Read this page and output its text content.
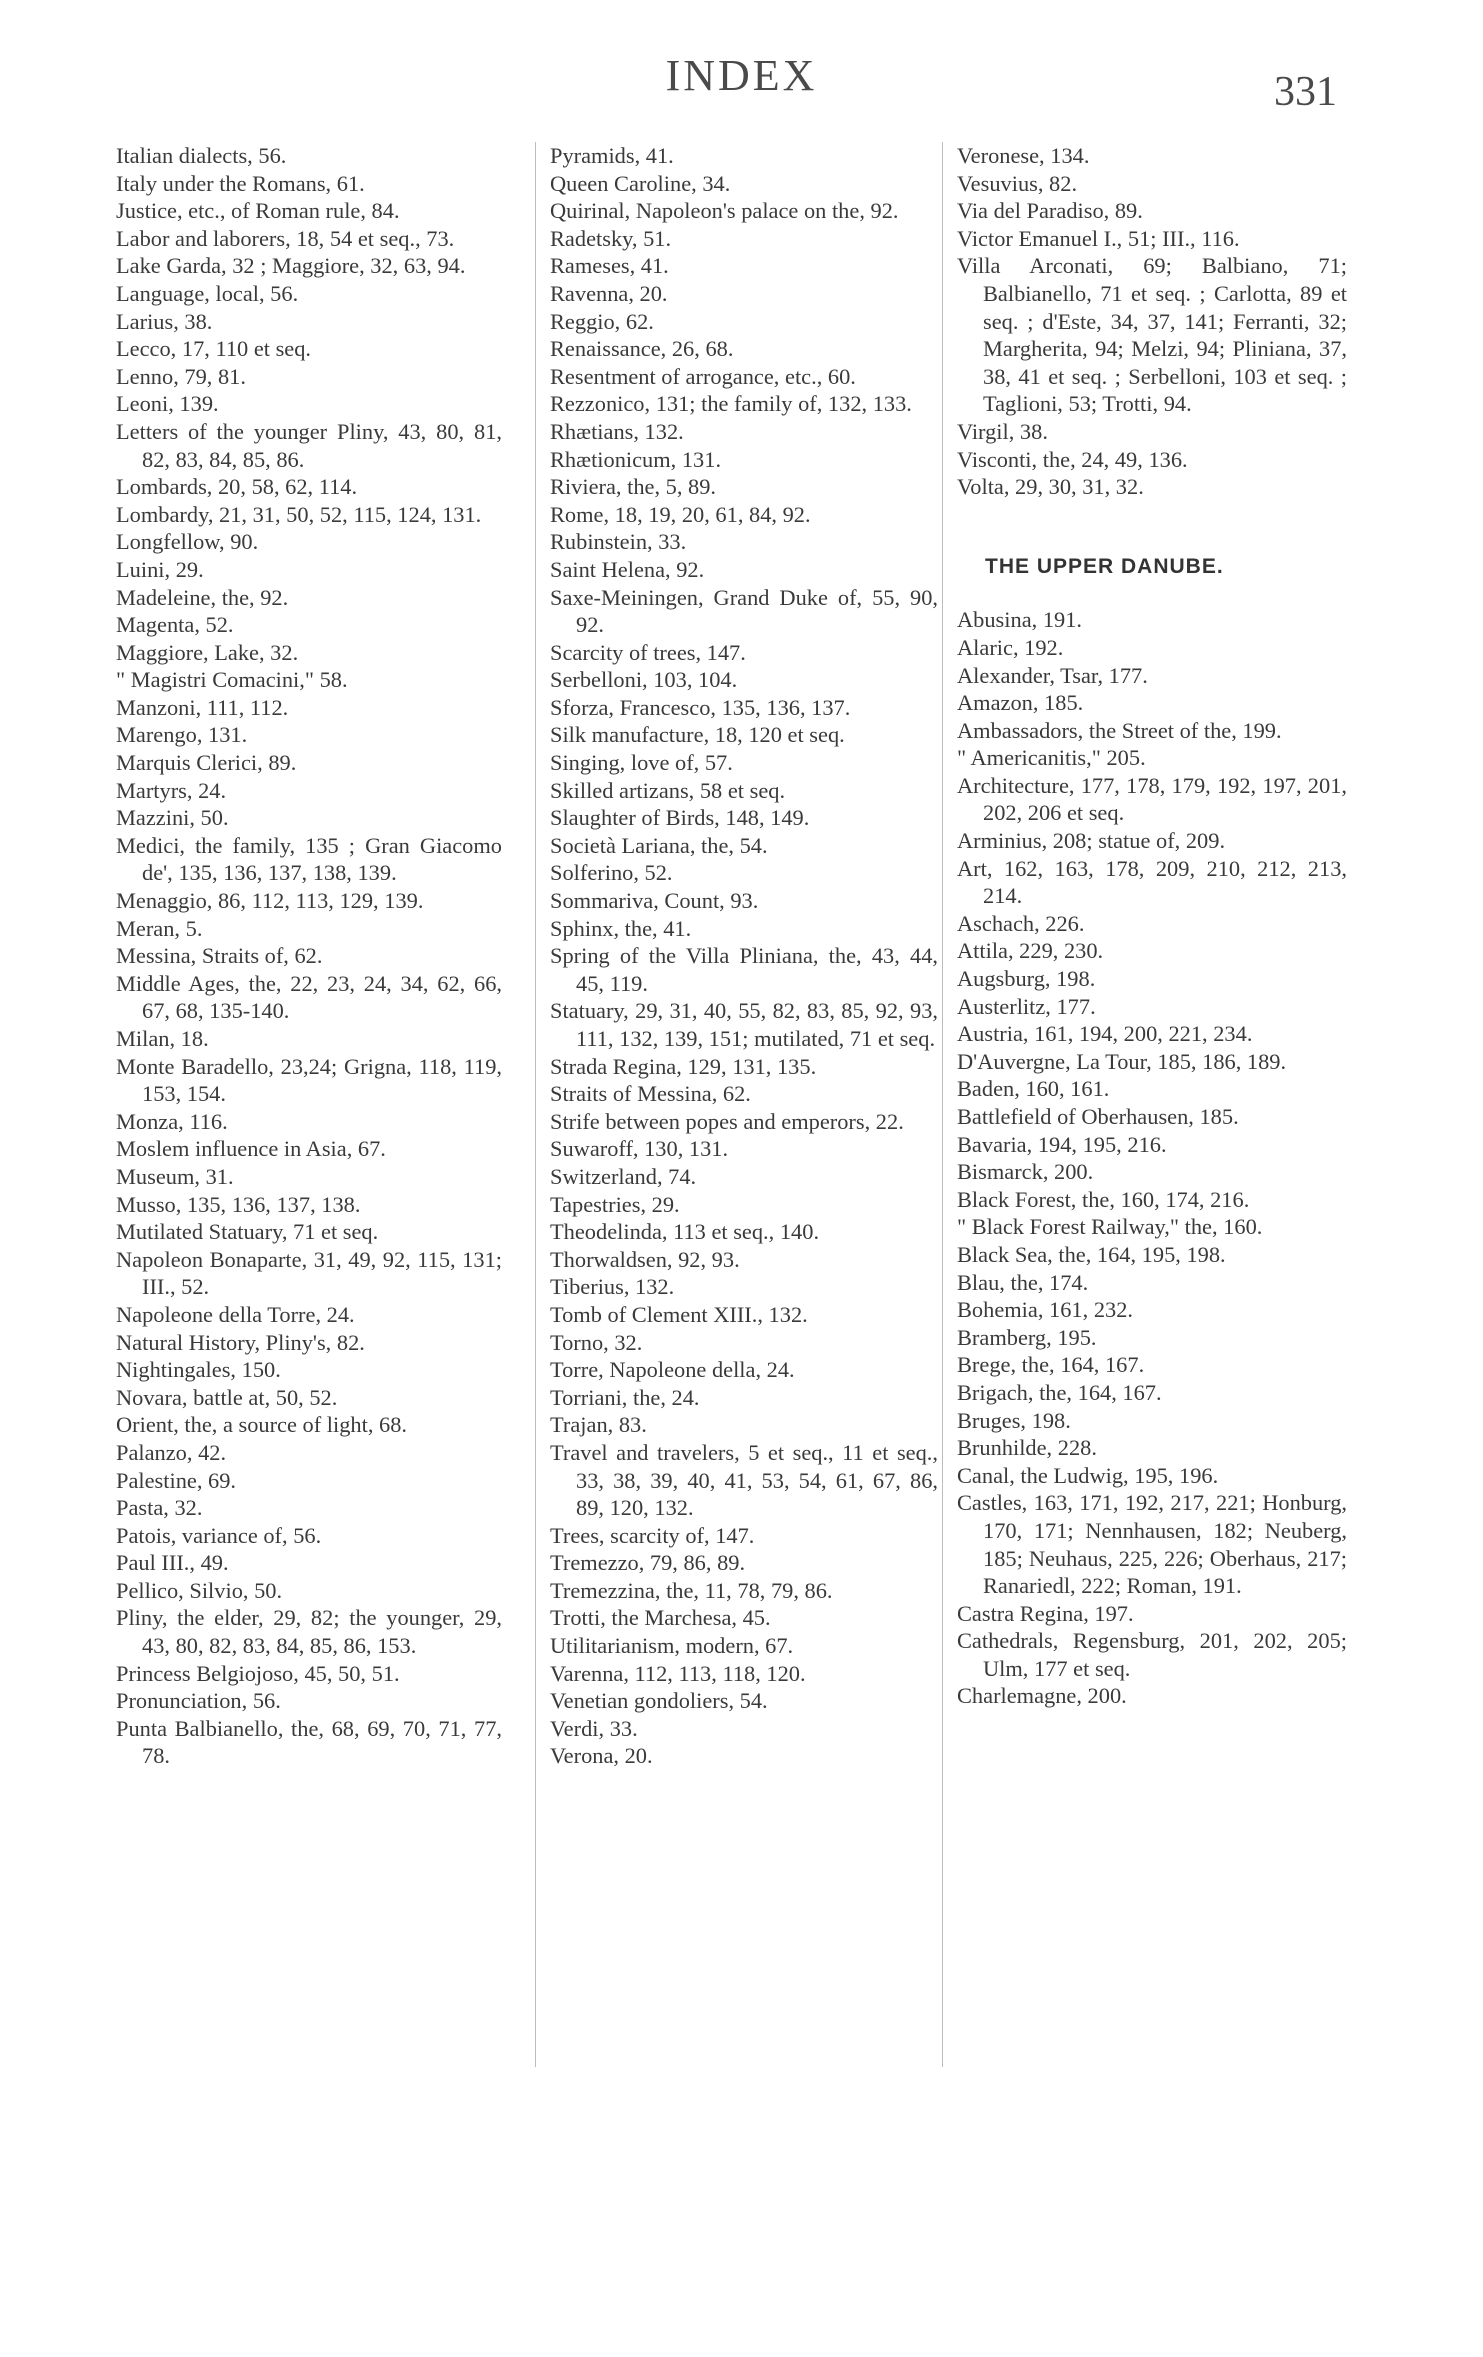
INDEX	331

Italian dialects, 56.

Italy under the Romans, 61.

Justice, etc., of Roman rule, 84.

Labor and laborers, 18, 54 et seq., 73.

Lake Garda, 32 ; Maggiore, 32, 63, 94.

Language, local, 56.

Larius, 38.

Lecco, 17, 110 et seq.

Lenno, 79, 81.

Leoni, 139.

Letters of the younger Pliny, 43, 80, 81, 82, 83, 84, 85, 86.

Lombards, 20, 58, 62, 114.

Lombardy, 21, 31, 50, 52, 115, 124, 131.

Longfellow, 90.

Luini, 29.

Madeleine, the, 92.

Magenta, 52.

Maggiore, Lake, 32.

" Magistri Comacini," 58.

Manzoni, 111, 112.

Marengo, 131.

Marquis Clerici, 89.

Martyrs, 24.

Mazzini, 50.

Medici, the family, 135 ; Gran Giacomo de', 135, 136, 137, 138, 139.

Menaggio, 86, 112, 113, 129, 139.

Meran, 5.

Messina, Straits of, 62.

Middle Ages, the, 22, 23, 24, 34, 62, 66, 67, 68, 135-140.

Milan, 18.

Monte Baradello, 23,24; Grigna, 118, 119, 153, 154.

Monza, 116.

Moslem influence in Asia, 67.

Museum, 31.

Musso, 135, 136, 137, 138.

Mutilated Statuary, 71 et seq.

Napoleon Bonaparte, 31, 49, 92, 115, 131; III., 52.

Napoleone della Torre, 24.

Natural History, Pliny's, 82.

Nightingales, 150.

Novara, battle at, 50, 52.

Orient, the, a source of light, 68.

Palanzo, 42.

Palestine, 69.

Pasta, 32.

Patois, variance of, 56.

Paul III., 49.

Pellico, Silvio, 50.

Pliny, the elder, 29, 82; the younger, 29, 43, 80, 82, 83, 84, 85, 86, 153.

Princess Belgiojoso, 45, 50, 51.

Pronunciation, 56.

Punta Balbianello, the, 68, 69, 70, 71, 77, 78.

Pyramids, 41.

Queen Caroline, 34.

Quirinal, Napoleon's palace on the, 92.

Radetsky, 51.

Rameses, 41.

Ravenna, 20.

Reggio, 62.

Renaissance, 26, 68.

Resentment of arrogance, etc., 60.

Rezzonico, 131; the family of, 132, 133.

Rhætians, 132.

Rhætionicum, 131.

Riviera, the, 5, 89.

Rome, 18, 19, 20, 61, 84, 92.

Rubinstein, 33.

Saint Helena, 92.

Saxe-Meiningen, Grand Duke of, 55, 90, 92.

Scarcity of trees, 147.

Serbelloni, 103, 104.

Sforza, Francesco, 135, 136, 137.

Silk manufacture, 18, 120 et seq.

Singing, love of, 57.

Skilled artizans, 58 et seq.

Slaughter of Birds, 148, 149.

Società Lariana, the, 54.

Solferino, 52.

Sommariva, Count, 93.

Sphinx, the, 41.

Spring of the Villa Pliniana, the, 43, 44, 45, 119.

Statuary, 29, 31, 40, 55, 82, 83, 85, 92, 93, 111, 132, 139, 151; mutilated, 71 et seq.

Strada Regina, 129, 131, 135.

Straits of Messina, 62.

Strife between popes and emperors, 22.

Suwaroff, 130, 131.

Switzerland, 74.

Tapestries, 29.

Theodelinda, 113 et seq., 140.

Thorwaldsen, 92, 93.

Tiberius, 132.

Tomb of Clement XIII., 132.

Torno, 32.

Torre, Napoleone della, 24.

Torriani, the, 24.

Trajan, 83.

Travel and travelers, 5 et seq., 11 et seq., 33, 38, 39, 40, 41, 53, 54, 61, 67, 86, 89, 120, 132.

Trees, scarcity of, 147.

Tremezzo, 79, 86, 89.

Tremezzina, the, 11, 78, 79, 86.

Trotti, the Marchesa, 45.

Utilitarianism, modern, 67.

Varenna, 112, 113, 118, 120.

Venetian gondoliers, 54.

Verdi, 33.

Verona, 20.

Veronese, 134.

Vesuvius, 82.

Via del Paradiso, 89.

Victor Emanuel I., 51; III., 116.

Villa Arconati, 69; Balbiano, 71; Balbianello, 71 et seq. ; Carlotta, 89 et seq. ; d'Este, 34, 37, 141; Ferranti, 32; Margherita, 94; Melzi, 94; Pliniana, 37, 38, 41 et seq. ; Serbelloni, 103 et seq. ; Taglioni, 53; Trotti, 94.

Virgil, 38.

Visconti, the, 24, 49, 136.

Volta, 29, 30, 31, 32.

THE UPPER DANUBE.

Abusina, 191.

Alaric, 192.

Alexander, Tsar, 177.

Amazon, 185.

Ambassadors, the Street of the, 199.

" Americanitis," 205.

Architecture, 177, 178, 179, 192, 197, 201, 202, 206 et seq.

Arminius, 208; statue of, 209.

Art, 162, 163, 178, 209, 210, 212, 213, 214.

Aschach, 226.

Attila, 229, 230.

Augsburg, 198.

Austerlitz, 177.

Austria, 161, 194, 200, 221, 234.

D'Auvergne, La Tour, 185, 186, 189.

Baden, 160, 161.

Battlefield of Oberhausen, 185.

Bavaria, 194, 195, 216.

Bismarck, 200.

Black Forest, the, 160, 174, 216.

" Black Forest Railway," the, 160.

Black Sea, the, 164, 195, 198.

Blau, the, 174.

Bohemia, 161, 232.

Bramberg, 195.

Brege, the, 164, 167.

Brigach, the, 164, 167.

Bruges, 198.

Brunhilde, 228.

Canal, the Ludwig, 195, 196.

Castles, 163, 171, 192, 217, 221; Honburg, 170, 171; Nennhausen, 182; Neuberg, 185; Neuhaus, 225, 226; Oberhaus, 217; Ranariedl, 222; Roman, 191.

Castra Regina, 197.

Cathedrals, Regensburg, 201, 202, 205; Ulm, 177 et seq.

Charlemagne, 200.
